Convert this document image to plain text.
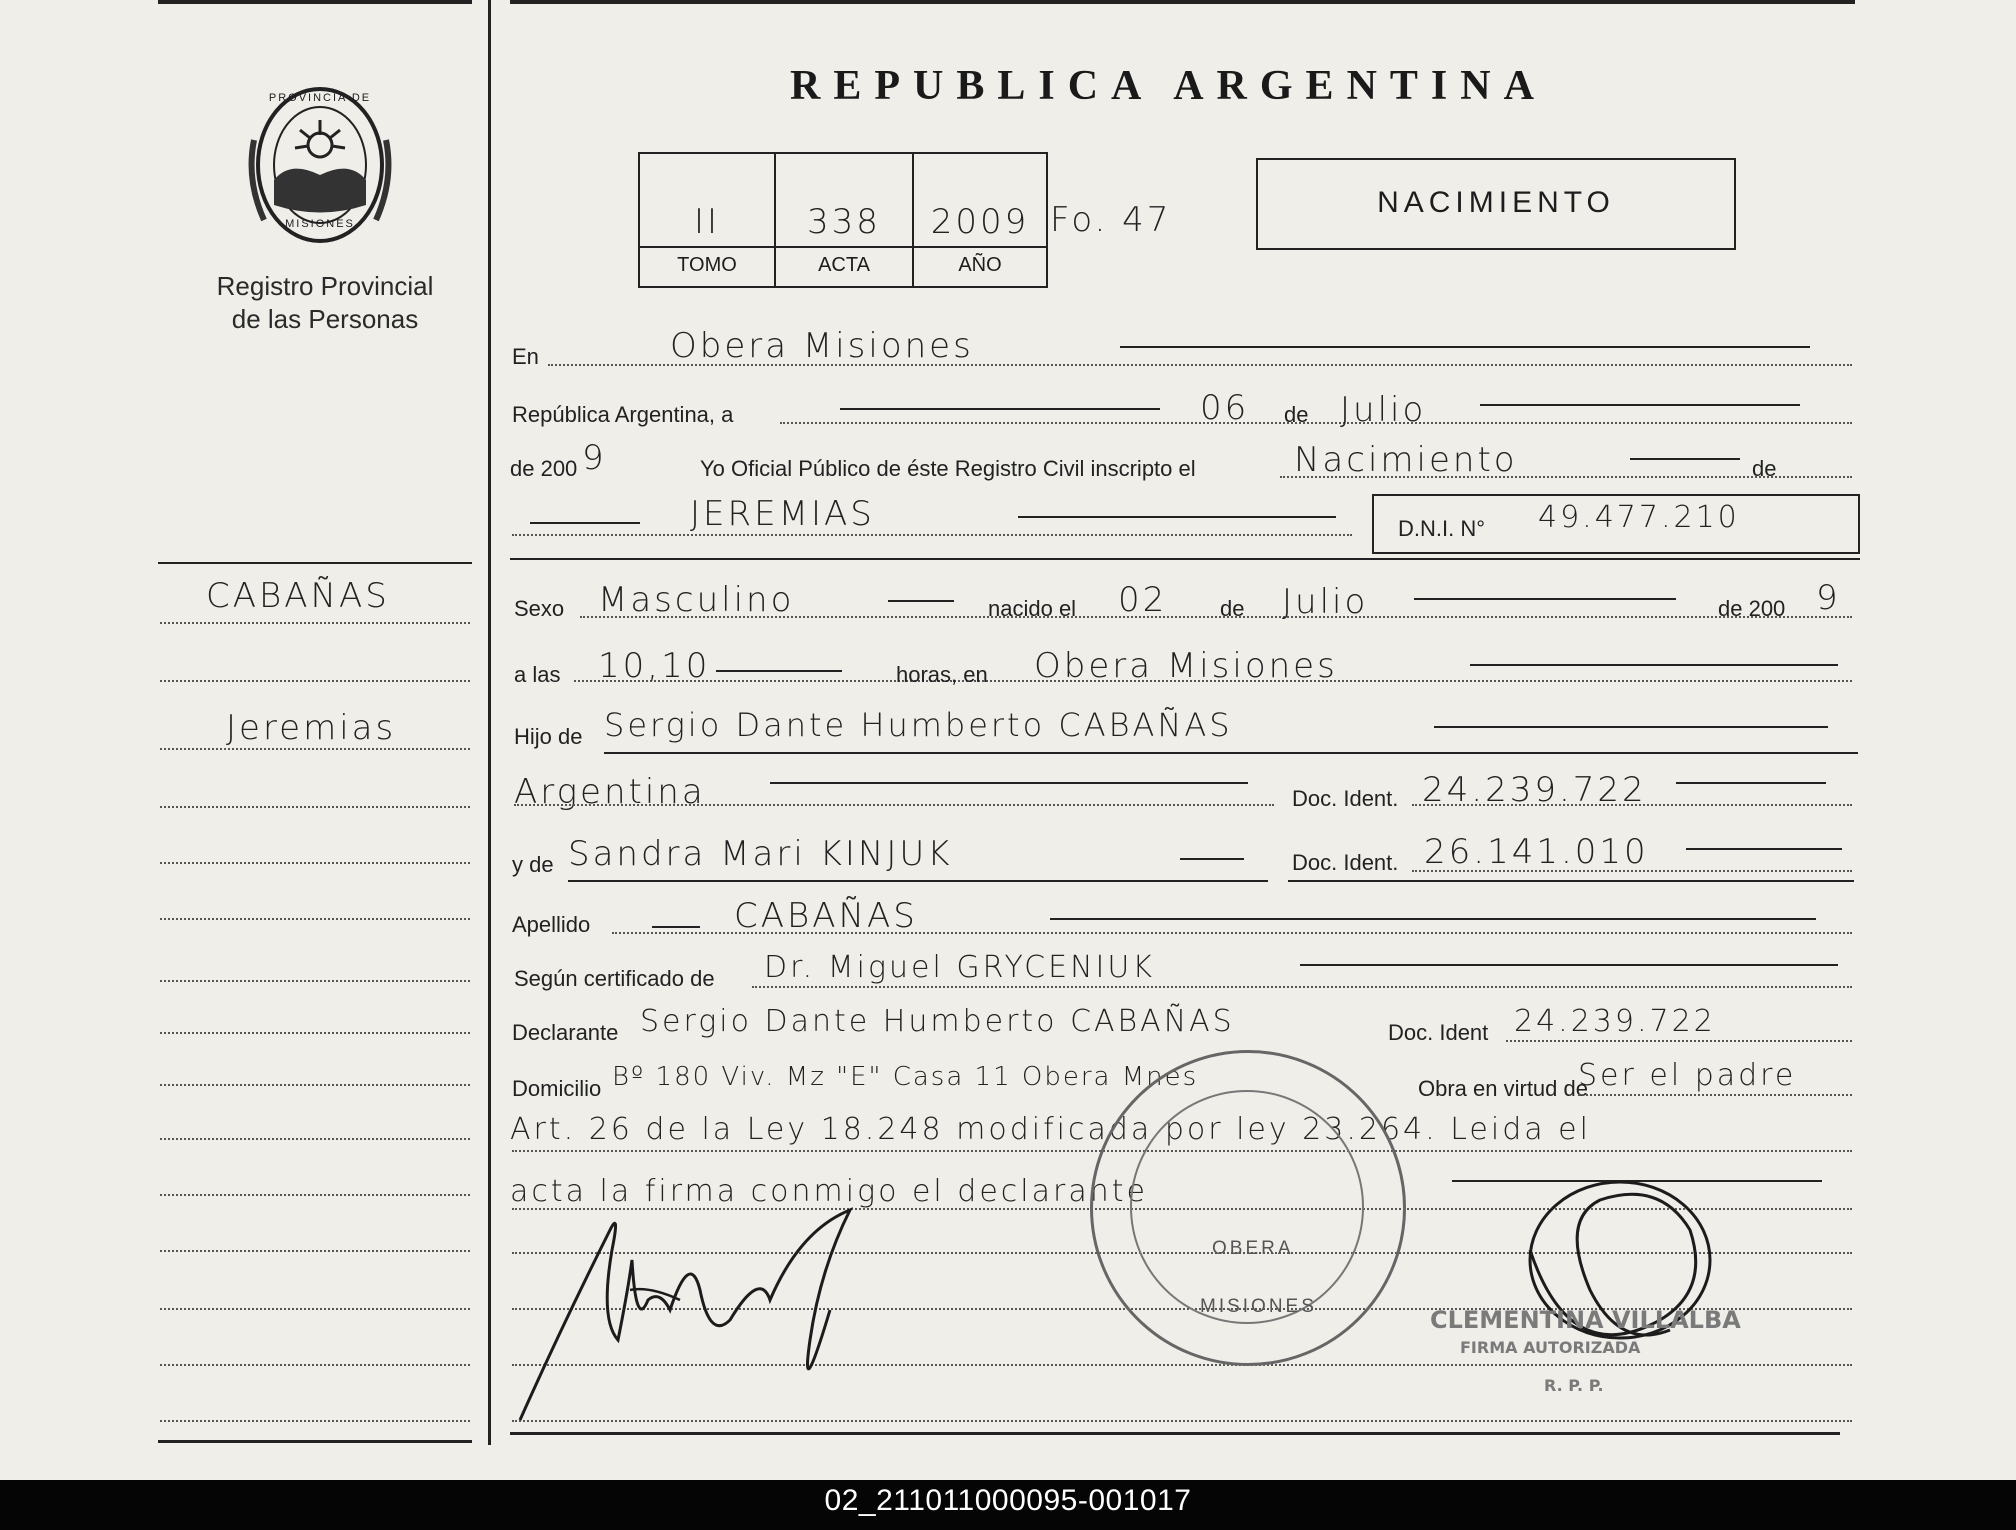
PROVINCIA DE
MISIONES
Registro Provincial
de las Personas
REPUBLICA ARGENTINA
II	338	2009
TOMO	ACTA	AÑO
Fo. 47	NACIMIENTO
En	Obera Misiones
República Argentina, a	06 de Julio
de 200 9	Yo Oficial Público de éste Registro Civil inscripto el	Nacimiento	de
JEREMIAS	D.N.I. N° 49.477.210
CABAÑAS
Jeremias
Sexo Masculino	nacido el 02 de Julio	de 200 9
a las 10,10	horas, en Obera Misiones
Hijo de Sergio Dante Humberto CABAÑAS
Argentina	Doc. Ident. 24.239.722
y de Sandra Mari KINJUK	Doc. Ident. 26.141.010
Apellido	CABAÑAS
Según certificado de Dr. Miguel GRYCENIUK
Declarante Sergio Dante Humberto CABAÑAS	Doc. Ident 24.239.722
Domicilio Bº 180 Viv. Mz "E" Casa 11 Obera Mnes	Obra en virtud de
Ser el padre
Art. 26 de la Ley 18.248 modificada por ley 23.264. Leida el
acta la firma conmigo el declarante
MISIONES
OBERA
CLEMENTINA VILLALBA
FIRMA AUTORIZADA
R. P. P.
02_211011000095-001017
